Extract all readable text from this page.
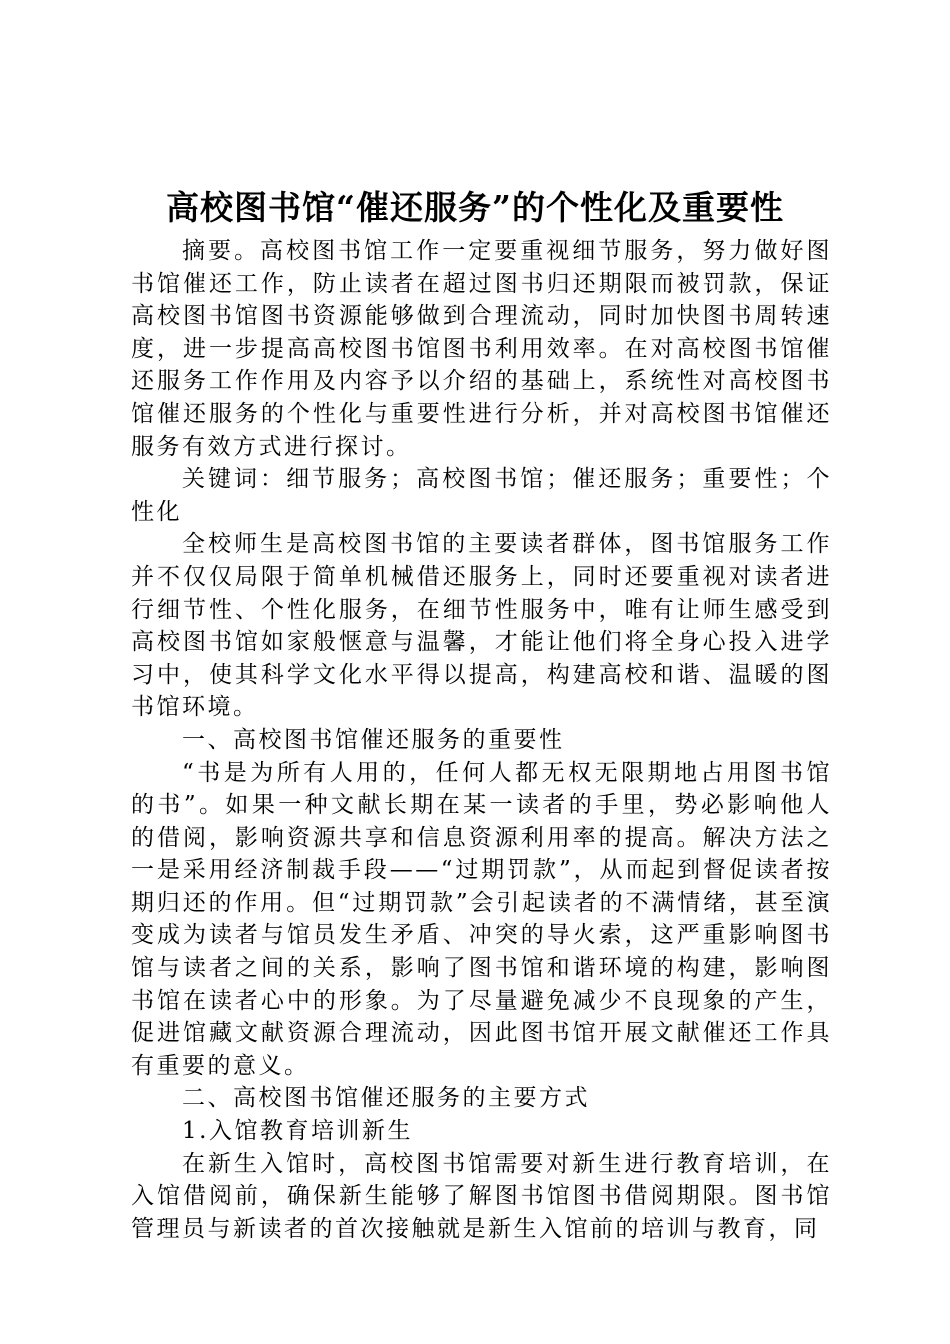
高校图书馆“催还服务”的个性化及重要性

摘要。高校图书馆工作一定要重视细节服务，努力做好图书馆催还工作，防止读者在超过图书归还期限而被罚款，保证高校图书馆图书资源能够做到合理流动，同时加快图书周转速度，进一步提高高校图书馆图书利用效率。在对高校图书馆催还服务工作作用及内容予以介绍的基础上，系统性对高校图书馆催还服务的个性化与重要性进行分析，并对高校图书馆催还服务有效方式进行探讨。

关键词：细节服务；高校图书馆；催还服务；重要性；个性化

全校师生是高校图书馆的主要读者群体，图书馆服务工作并不仅仅局限于简单机械借还服务上，同时还要重视对读者进行细节性、个性化服务，在细节性服务中，唯有让师生感受到高校图书馆如家般惬意与温馨，才能让他们将全身心投入进学习中，使其科学文化水平得以提高，构建高校和谐、温暖的图书馆环境。

一、高校图书馆催还服务的重要性

“书是为所有人用的，任何人都无权无限期地占用图书馆的书”。如果一种文献长期在某一读者的手里，势必影响他人的借阅，影响资源共享和信息资源利用率的提高。解决方法之一是采用经济制裁手段——“过期罚款”，从而起到督促读者按期归还的作用。但“过期罚款”会引起读者的不满情绪，甚至演变成为读者与馆员发生矛盾、冲突的导火索，这严重影响图书馆与读者之间的关系，影响了图书馆和谐环境的构建，影响图书馆在读者心中的形象。为了尽量避免减少不良现象的产生，促进馆藏文献资源合理流动，因此图书馆开展文献催还工作具有重要的意义。

二、高校图书馆催还服务的主要方式

1.入馆教育培训新生

在新生入馆时，高校图书馆需要对新生进行教育培训，在入馆借阅前，确保新生能够了解图书馆图书借阅期限。图书馆管理员与新读者的首次接触就是新生入馆前的培训与教育，同
